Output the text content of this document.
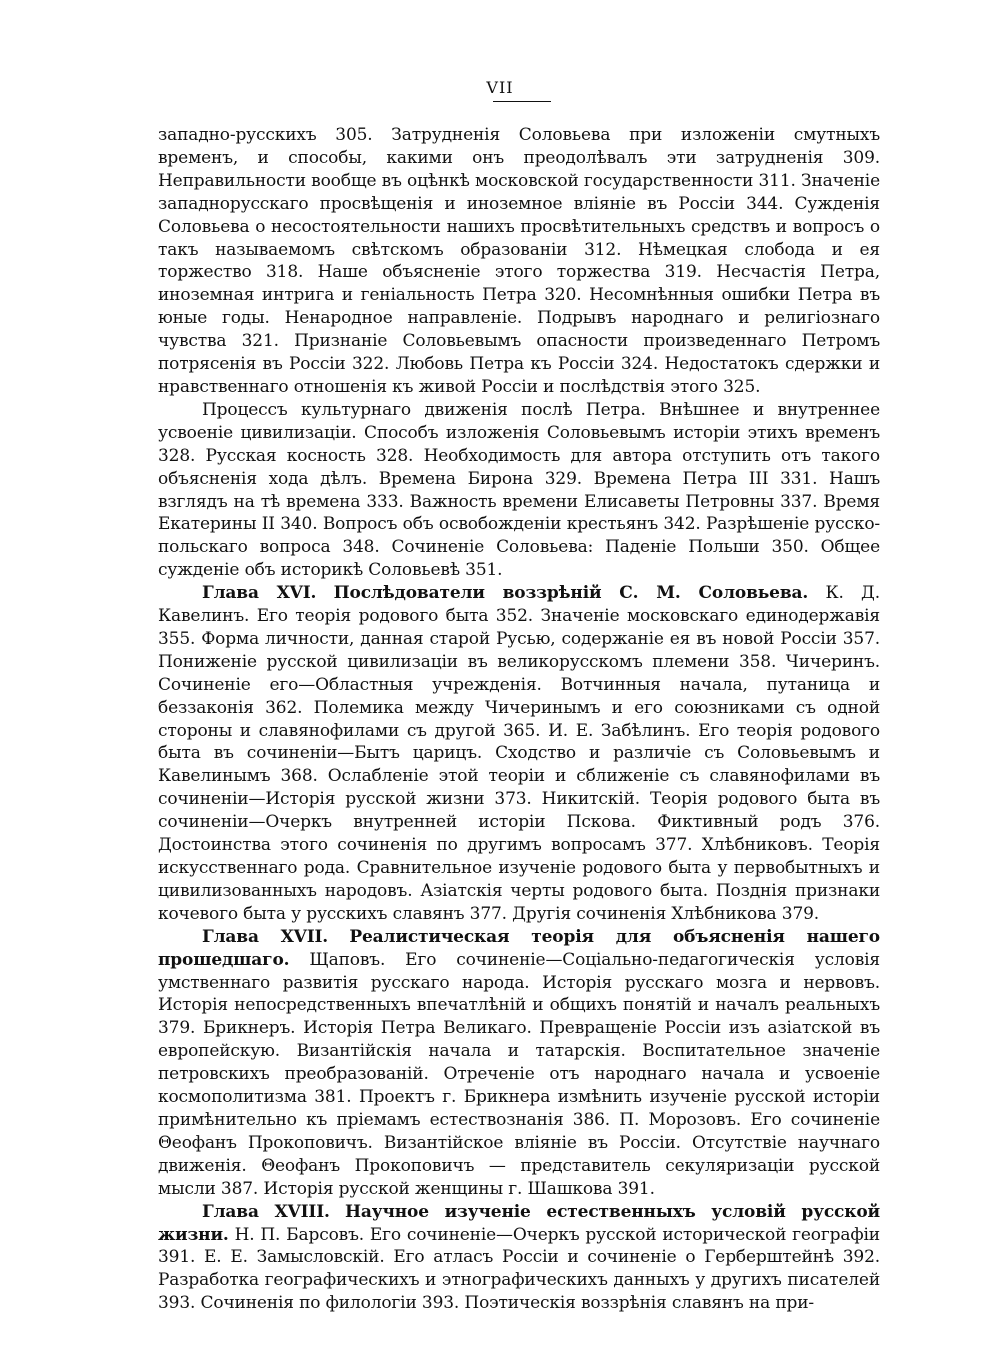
VII

западно-русскихъ 305. Затрудненія Соловьева при изложеніи смутныхъ временъ, и способы, какими онъ преодолѣвалъ эти затрудненія 309. Неправильности вообще въ оцѣнкѣ московской государственности 311. Значеніе западнорусскаго просвѣщенія и иноземное вліяніе въ Россіи 344. Сужденія Соловьева о несостоятельности нашихъ просвѣтительныхъ средствъ и вопросъ о такъ называемомъ свѣтскомъ образованіи 312. Нѣмецкая слобода и ея торжество 318. Наше объясненіе этого торжества 319. Несчастія Петра, иноземная интрига и геніальность Петра 320. Несомнѣнныя ошибки Петра въ юные годы. Ненародное направленіе. Подрывъ народнаго и религіознаго чувства 321. Признаніе Соловьевымъ опасности произведеннаго Петромъ потрясенія въ Россіи 322. Любовь Петра къ Россіи 324. Недостатокъ сдержки и нравственнаго отношенія къ живой Россіи и послѣдствія этого 325.

Процессъ культурнаго движенія послѣ Петра. Внѣшнее и внутреннее усвоеніе цивилизаціи. Способъ изложенія Соловьевымъ исторіи этихъ временъ 328. Русская косность 328. Необходимость для автора отступить отъ такого объясненія хода дѣлъ. Времена Бирона 329. Времена Петра III 331. Нашъ взглядъ на тѣ времена 333. Важность времени Елисаветы Петровны 337. Время Екатерины II 340. Вопросъ объ освобожденіи крестьянъ 342. Разрѣшеніе русско-польскаго вопроса 348. Сочиненіе Соловьева: Паденіе Польши 350. Общее сужденіе объ историкѣ Соловьевѣ 351.

Глава XVI. Послѣдователи воззрѣній С. М. Соловьева. К. Д. Кавелинъ. Его теорія родового быта 352. Значеніе московскаго единодержавія 355. Форма личности, данная старой Русью, содержаніе ея въ новой Россіи 357. Пониженіе русской цивилизаціи въ великорусскомъ племени 358. Чичеринъ. Сочиненіе его—Областныя учрежденія. Вотчинныя начала, путаница и беззаконія 362. Полемика между Чичеринымъ и его союзниками съ одной стороны и славянофилами съ другой 365. И. Е. Забѣлинъ. Его теорія родового быта въ сочиненіи—Бытъ царицъ. Сходство и различіе съ Соловьевымъ и Кавелинымъ 368. Ослабленіе этой теоріи и сближеніе съ славянофилами въ сочиненіи—Исторія русской жизни 373. Никитскій. Теорія родового быта въ сочиненіи—Очеркъ внутренней исторіи Пскова. Фиктивный родъ 376. Достоинства этого сочиненія по другимъ вопросамъ 377. Хлѣбниковъ. Теорія искусственнаго рода. Сравнительное изученіе родового быта у первобытныхъ и цивилизованныхъ народовъ. Азіатскія черты родового быта. Позднія признаки кочевого быта у русскихъ славянъ 377. Другія сочиненія Хлѣбникова 379.

Глава XVII. Реалистическая теорія для объясненія нашего прошедшаго. Щаповъ. Его сочиненіе—Соціально-педагогическія условія умственнаго развитія русскаго народа. Исторія русскаго мозга и нервовъ. Исторія непосредственныхъ впечатлѣній и общихъ понятій и началъ реальныхъ 379. Брикнеръ. Исторія Петра Великаго. Превращеніе Россіи изъ азіатской въ европейскую. Византійскія начала и татарскія. Воспитательное значеніе петровскихъ преобразованій. Отреченіе отъ народнаго начала и усвоеніе космополитизма 381. Проектъ г. Брикнера измѣнить изученіе русской исторіи примѣнительно къ пріемамъ естествознанія 386. П. Морозовъ. Его сочиненіе Θеофанъ Прокоповичъ. Византійское вліяніе въ Россіи. Отсутствіе научнаго движенія. Θеофанъ Прокоповичъ — представитель секуляризаціи русской мысли 387. Исторія русской женщины г. Шашкова 391.

Глава XVIII. Научное изученіе естественныхъ условій русской жизни. Н. П. Барсовъ. Его сочиненіе—Очеркъ русской исторической географіи 391. Е. Е. Замысловскій. Его атласъ Россіи и сочиненіе о Герберштейнѣ 392. Разработка географическихъ и этнографическихъ данныхъ у другихъ писателей 393. Сочиненія по филологіи 393. Поэтическія воззрѣнія славянъ на при-
